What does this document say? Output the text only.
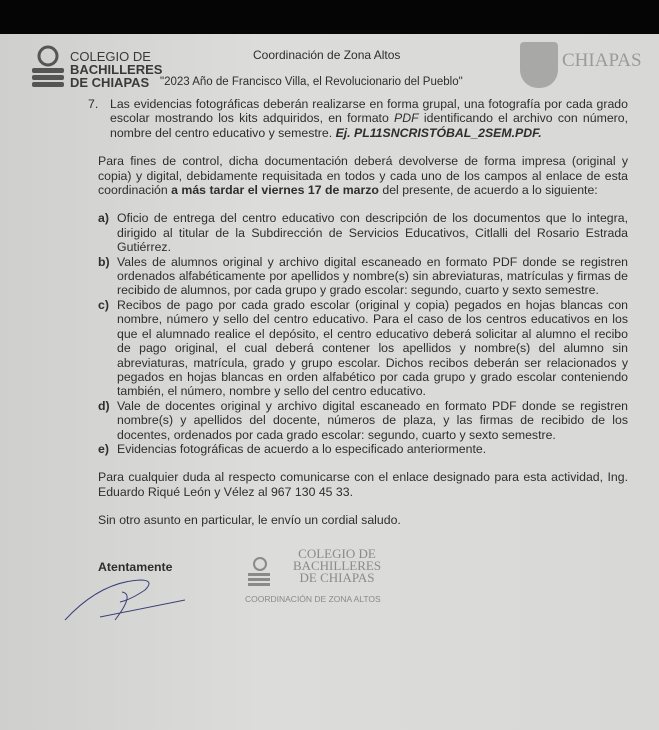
COLEGIO DE
BACHILLERES
DE CHIAPAS
Coordinación de Zona Altos
"2023 Año de Francisco Villa, el Revolucionario del Pueblo"
CHIAPAS
7. Las evidencias fotográficas deberán realizarse en forma grupal, una fotografía por cada grado escolar mostrando los kits adquiridos, en formato PDF identificando el archivo con número, nombre del centro educativo y semestre. Ej. PL11SNCRISTÓBAL_2SEM.PDF.
Para fines de control, dicha documentación deberá devolverse de forma impresa (original y copia) y digital, debidamente requisitada en todos y cada uno de los campos al enlace de esta coordinación a más tardar el viernes 17 de marzo del presente, de acuerdo a lo siguiente:
a) Oficio de entrega del centro educativo con descripción de los documentos que lo integra, dirigido al titular de la Subdirección de Servicios Educativos, Citlalli del Rosario Estrada Gutiérrez.
b) Vales de alumnos original y archivo digital escaneado en formato PDF donde se registren ordenados alfabéticamente por apellidos y nombre(s) sin abreviaturas, matrículas y firmas de recibido de alumnos, por cada grupo y grado escolar: segundo, cuarto y sexto semestre.
c) Recibos de pago por cada grado escolar (original y copia) pegados en hojas blancas con nombre, número y sello del centro educativo. Para el caso de los centros educativos en los que el alumnado realice el depósito, el centro educativo deberá solicitar al alumno el recibo de pago original, el cual deberá contener los apellidos y nombre(s) del alumno sin abreviaturas, matrícula, grado y grupo escolar. Dichos recibos deberán ser relacionados y pegados en hojas blancas en orden alfabético por cada grupo y grado escolar conteniendo también, el número, nombre y sello del centro educativo.
d) Vale de docentes original y archivo digital escaneado en formato PDF donde se registren nombre(s) y apellidos del docente, números de plaza, y las firmas de recibido de los docentes, ordenados por cada grado escolar: segundo, cuarto y sexto semestre.
e) Evidencias fotográficas de acuerdo a lo especificado anteriormente.
Para cualquier duda al respecto comunicarse con el enlace designado para esta actividad, Ing. Eduardo Riqué León y Vélez al 967 130 45 33.
Sin otro asunto en particular, le envío un cordial saludo.
Atentamente
COLEGIO DE
BACHILLERES
DE CHIAPAS
COORDINACIÓN DE ZONA ALTOS
